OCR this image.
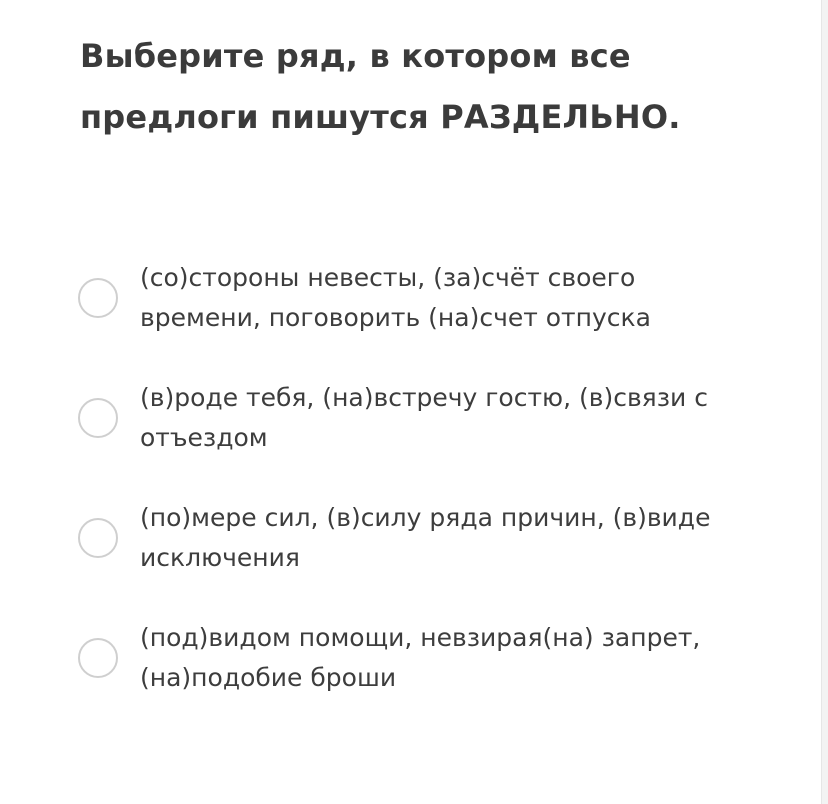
Выберите ряд, в котором все
предлоги пишутся РАЗДЕЛЬНО.
(со)стороны невесты, (за)счёт своего времени, поговорить (на)счет отпуска
(в)роде тебя, (на)встречу гостю, (в)связи с отъездом
(по)мере сил, (в)силу ряда причин, (в)виде исключения
(под)видом помощи, невзирая(на) запрет, (на)подобие броши
